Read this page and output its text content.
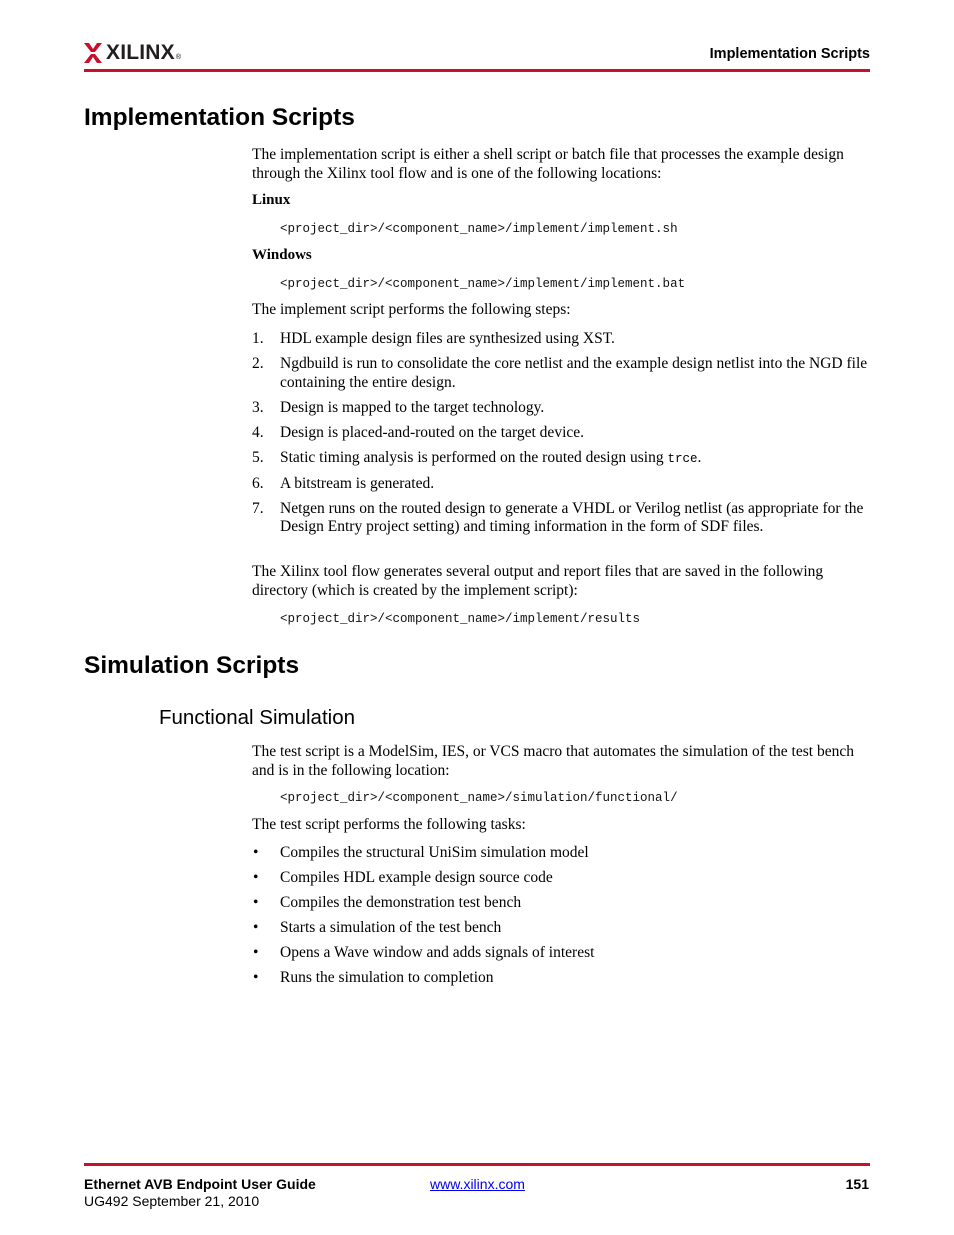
XILINX ®	Implementation Scripts
Implementation Scripts
The implementation script is either a shell script or batch file that processes the example design through the Xilinx tool flow and is one of the following locations:
Linux
<project_dir>/<component_name>/implement/implement.sh
Windows
<project_dir>/<component_name>/implement/implement.bat
The implement script performs the following steps:
1. HDL example design files are synthesized using XST.
2. Ngdbuild is run to consolidate the core netlist and the example design netlist into the NGD file containing the entire design.
3. Design is mapped to the target technology.
4. Design is placed-and-routed on the target device.
5. Static timing analysis is performed on the routed design using trce.
6. A bitstream is generated.
7. Netgen runs on the routed design to generate a VHDL or Verilog netlist (as appropriate for the Design Entry project setting) and timing information in the form of SDF files.
The Xilinx tool flow generates several output and report files that are saved in the following directory (which is created by the implement script):
<project_dir>/<component_name>/implement/results
Simulation Scripts
Functional Simulation
The test script is a ModelSim, IES, or VCS macro that automates the simulation of the test bench and is in the following location:
<project_dir>/<component_name>/simulation/functional/
The test script performs the following tasks:
• Compiles the structural UniSim simulation model
• Compiles HDL example design source code
• Compiles the demonstration test bench
• Starts a simulation of the test bench
• Opens a Wave window and adds signals of interest
• Runs the simulation to completion
Ethernet AVB Endpoint User Guide
UG492 September 21, 2010
www.xilinx.com	151
